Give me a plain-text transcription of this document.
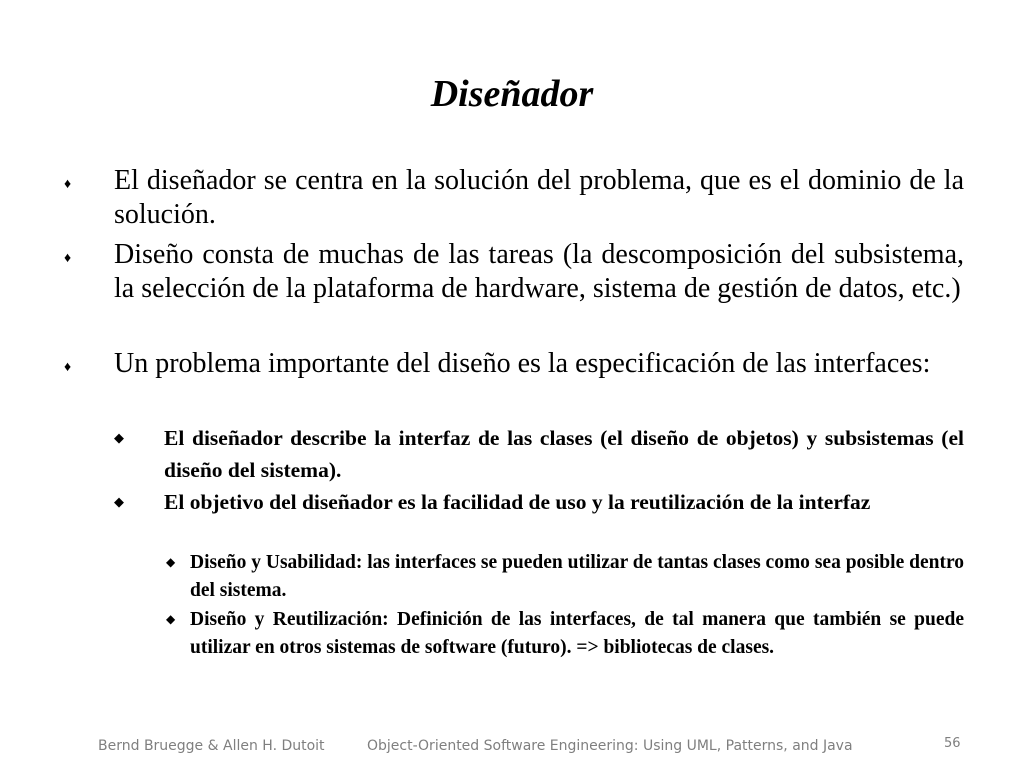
Diseñador
♦	El diseñador se centra en la solución del problema, que es el dominio de la solución.
♦	Diseño consta de muchas de las tareas (la descomposición del subsistema, la selección de la plataforma de hardware, sistema de gestión de datos, etc.)
♦	Un problema importante del diseño es la especificación de las interfaces:
◆	El diseñador describe la interfaz de las clases (el diseño de objetos) y subsistemas (el diseño del sistema).
◆	El objetivo del diseñador es la facilidad de uso y la reutilización de la interfaz
◆ Diseño y Usabilidad: las interfaces se pueden utilizar de tantas clases como sea posible dentro del sistema.
◆ Diseño y Reutilización: Definición de las interfaces, de tal manera que también se puede utilizar en otros sistemas de software (futuro). => bibliotecas de clases.
Bernd Bruegge & Allen H. Dutoit	Object-Oriented Software Engineering: Using UML, Patterns, and Java	56
